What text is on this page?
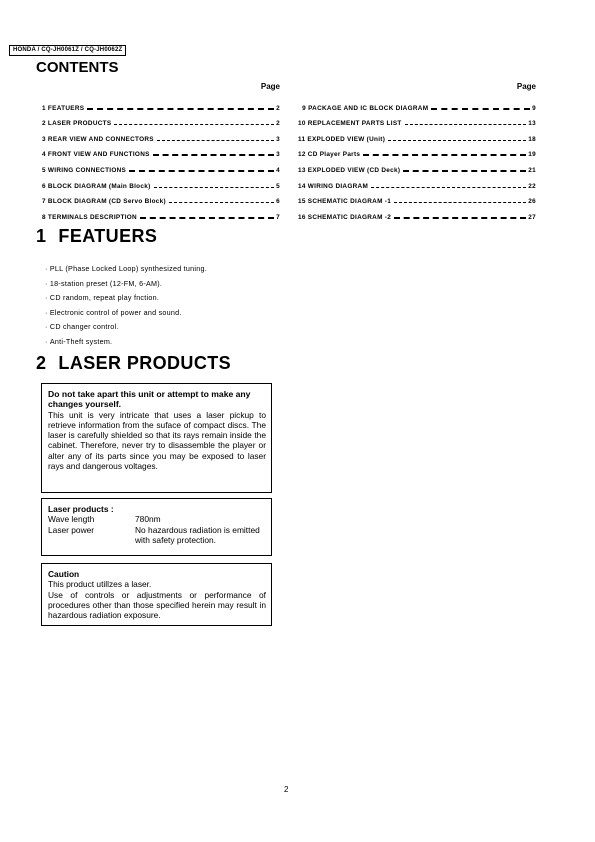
HONDA / CQ-JH0061Z / CQ-JH0062Z
CONTENTS
Page
1 FEATUERS	2
2 LASER PRODUCTS	2
3 REAR VIEW AND CONNECTORS	3
4 FRONT VIEW AND FUNCTIONS	3
5 WIRING CONNECTIONS	4
6 BLOCK DIAGRAM (Main Block)	5
7 BLOCK DIAGRAM (CD Servo Block)	6
8 TERMINALS DESCRIPTION	7
Page
9 PACKAGE AND IC BLOCK DIAGRAM	9
10 REPLACEMENT PARTS LIST	13
11 EXPLODED VIEW (Unit)	18
12 CD Player Parts	19
13 EXPLODED VIEW (CD Deck)	21
14 WIRING DIAGRAM	22
15 SCHEMATIC DIAGRAM -1	26
16 SCHEMATIC DIAGRAM -2	27
1 FEATUERS
· PLL (Phase Locked Loop) synthesized tuning.
· 18-station preset (12-FM, 6-AM).
· CD random, repeat play fnction.
· Electronic control of power and sound.
· CD changer control.
· Anti-Theft system.
2 LASER PRODUCTS
Do not take apart this unit or attempt to make any changes yourself.
This unit is very intricate that uses a laser pickup to retrieve information from the suface of compact discs. The laser is carefully shielded so that its rays remain inside the cabinet. Therefore, never try to disassemble the player or alter any of its parts since you may be exposed to laser rays and dangerous voltages.
Laser products :
Wave length	780nm
Laser power	No hazardous radiation is emitted with safety protection.
Caution
This product utillzes a laser.
Use of controls or adjustments or performance of procedures other than those specified herein may result in hazardous radiation exposure.
2
